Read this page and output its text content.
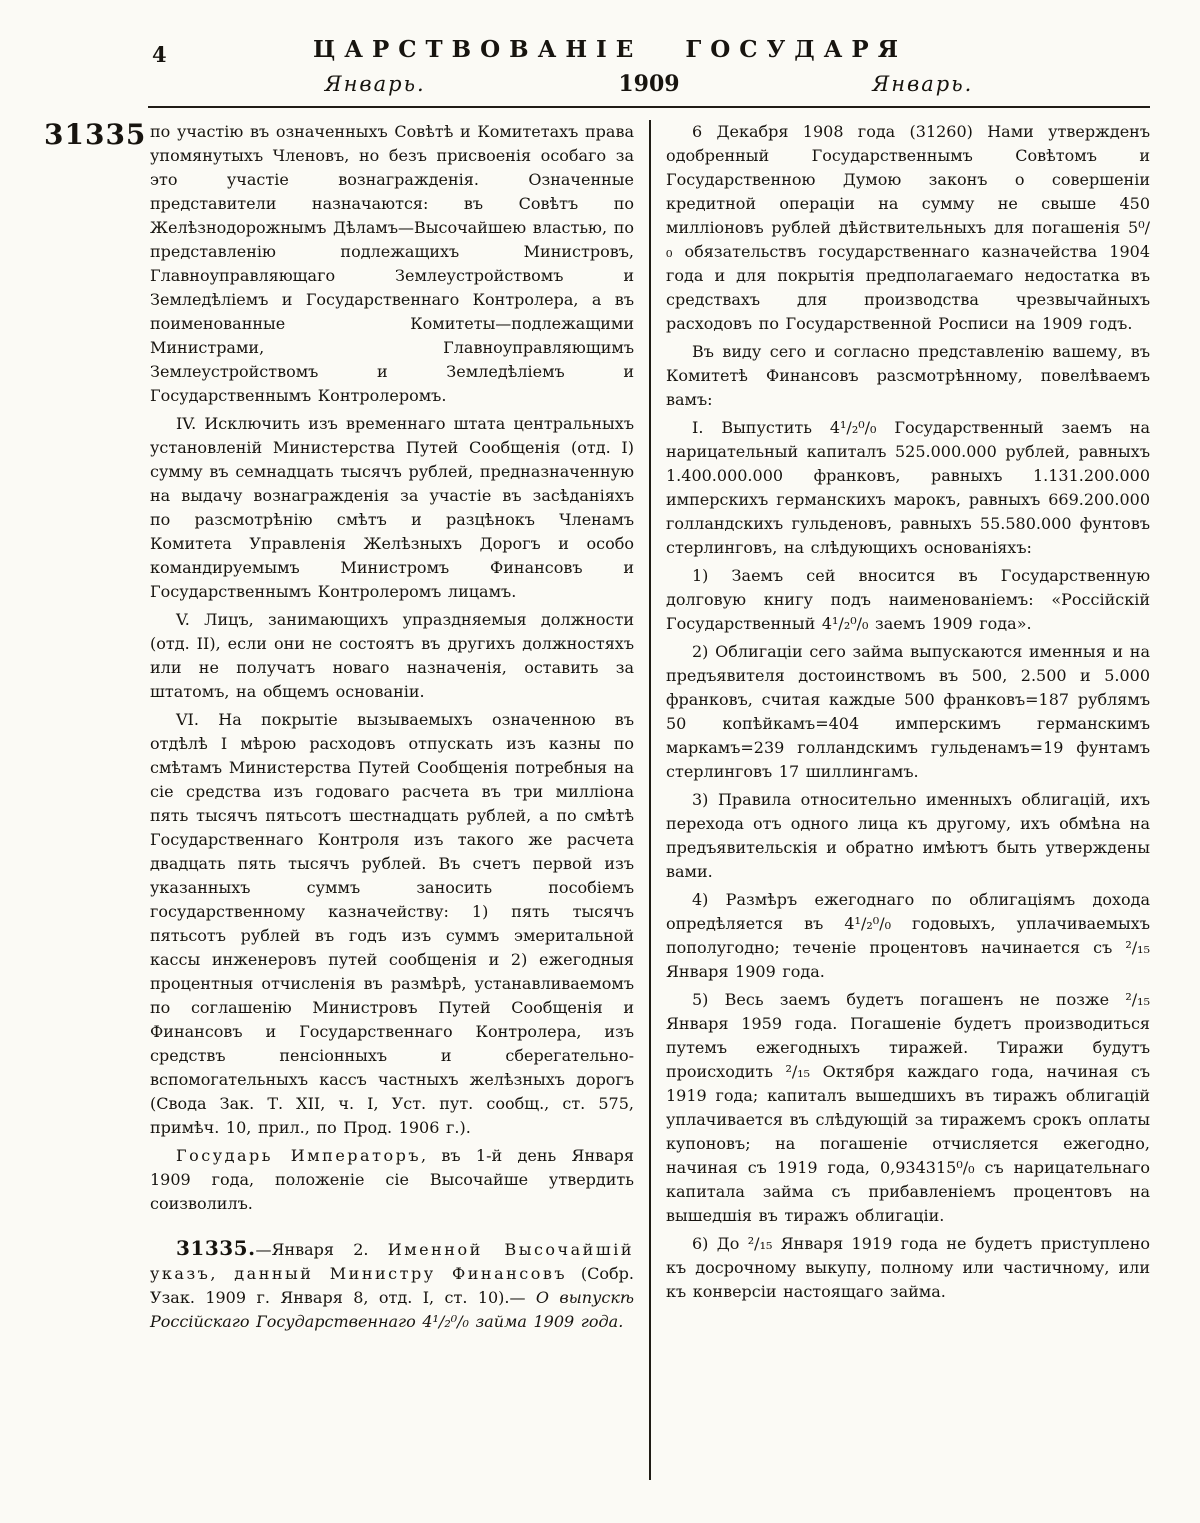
4	ЦАРСТВОВАНІЕ ГОСУДАРЯ
Январь.	1909	Январь.
31335 по участію въ означенныхъ Совѣтѣ и Комитетахъ права упомянутыхъ Членовъ, но безъ присвоенія особаго за это участіе вознагражденія. Означенные представители назначаются: въ Совѣтъ по Желѣзнодорожнымъ Дѣламъ—Высочайшею властью, по представленію подлежащихъ Министровъ, Главноуправляющаго Землеустройствомъ и Земледѣліемъ и Государственнаго Контролера, а въ поименованные Комитеты—подлежащими Министрами, Главноуправляющимъ Землеустройствомъ и Земледѣліемъ и Государственнымъ Контролеромъ.

IV. Исключить изъ временнаго штата центральныхъ установленій Министерства Путей Сообщенія (отд. I) сумму въ семнадцать тысячъ рублей, предназначенную на выдачу вознагражденія за участіе въ засѣданіяхъ по разсмотрѣнію смѣтъ и разцѣнокъ Членамъ Комитета Управленія Желѣзныхъ Дорогъ и особо командируемымъ Министромъ Финансовъ и Государственнымъ Контролеромъ лицамъ.

V. Лицъ, занимающихъ упраздняемыя должности (отд. II), если они не состоятъ въ другихъ должностяхъ или не получатъ новаго назначенія, оставить за штатомъ, на общемъ основаніи.

VI. На покрытіе вызываемыхъ означенною въ отдѣлѣ I мѣрою расходовъ отпускать изъ казны по смѣтамъ Министерства Путей Сообщенія потребныя на сіе средства изъ годоваго расчета въ три милліона пять тысячъ пятьсотъ шестнадцать рублей, а по смѣтѣ Государственнаго Контроля изъ такого же расчета двадцать пять тысячъ рублей. Въ счетъ первой изъ указанныхъ суммъ заносить пособіемъ государственному казначейству: 1) пять тысячъ пятьсотъ рублей въ годъ изъ суммъ эмеритальной кассы инженеровъ путей сообщенія и 2) ежегодныя процентныя отчисленія въ размѣрѣ, устанавливаемомъ по соглашенію Министровъ Путей Сообщенія и Финансовъ и Государственнаго Контролера, изъ средствъ пенсіонныхъ и сберегательно-вспомогательныхъ кассъ частныхъ желѣзныхъ дорогъ (Свода Зак. Т. XII, ч. I, Уст. пут. сообщ., ст. 575, примѣч. 10, прил., по Прод. 1906 г.).

Государь Императоръ, въ 1-й день Января 1909 года, положеніе сіе Высочайше утвердить соизволилъ.

31335.—Января 2. Именной Высочайшій указъ, данный Министру Финансовъ (Собр. Узак. 1909 г. Января 8, отд. I, ст. 10).— О выпускѣ Россійскаго Государственнаго 4¹/₂⁰/₀ займа 1909 года.

6 Декабря 1908 года (31260) Нами утвержденъ одобренный Государственнымъ Совѣтомъ и Государственною Думою законъ о совершеніи кредитной операціи на сумму не свыше 450 милліоновъ рублей дѣйствительныхъ для погашенія 5⁰/₀ обязательствъ государственнаго казначейства 1904 года и для покрытія предполагаемаго недостатка въ средствахъ для производства чрезвычайныхъ расходовъ по Государственной Росписи на 1909 годъ.

Въ виду сего и согласно представленію вашему, въ Комитетѣ Финансовъ разсмотрѣнному, повелѣваемъ вамъ:

I. Выпустить 4¹/₂⁰/₀ Государственный заемъ на нарицательный капиталъ 525.000.000 рублей, равныхъ 1.400.000.000 франковъ, равныхъ 1.131.200.000 имперскихъ германскихъ марокъ, равныхъ 669.200.000 голландскихъ гульденовъ, равныхъ 55.580.000 фунтовъ стерлинговъ, на слѣдующихъ основаніяхъ:

1) Заемъ сей вносится въ Государственную долговую книгу подъ наименованіемъ: «Россійскій Государственный 4¹/₂⁰/₀ заемъ 1909 года».

2) Облигаціи сего займа выпускаются именныя и на предъявителя достоинствомъ въ 500, 2.500 и 5.000 франковъ, считая каждые 500 франковъ=187 рублямъ 50 копѣйкамъ=404 имперскимъ германскимъ маркамъ=239 голландскимъ гульденамъ=19 фунтамъ стерлинговъ 17 шиллингамъ.

3) Правила относительно именныхъ облигацій, ихъ перехода отъ одного лица къ другому, ихъ обмѣна на предъявительскія и обратно имѣютъ быть утверждены вами.

4) Размѣръ ежегоднаго по облигаціямъ дохода опредѣляется въ 4¹/₂⁰/₀ годовыхъ, уплачиваемыхъ пополугодно; теченіе процентовъ начинается съ ²/₁₅ Января 1909 года.

5) Весь заемъ будетъ погашенъ не позже ²/₁₅ Января 1959 года. Погашеніе будетъ производиться путемъ ежегодныхъ тиражей. Тиражи будутъ происходить ²/₁₅ Октября каждаго года, начиная съ 1919 года; капиталъ вышедшихъ въ тиражъ облигацій уплачивается въ слѣдующій за тиражемъ срокъ оплаты купоновъ; на погашеніе отчисляется ежегодно, начиная съ 1919 года, 0,934315⁰/₀ съ нарицательнаго капитала займа съ прибавленіемъ процентовъ на вышедшія въ тиражъ облигаціи.

6) До ²/₁₅ Января 1919 года не будетъ приступлено къ досрочному выкупу, полному или частичному, или къ конверсіи настоящаго займа.
